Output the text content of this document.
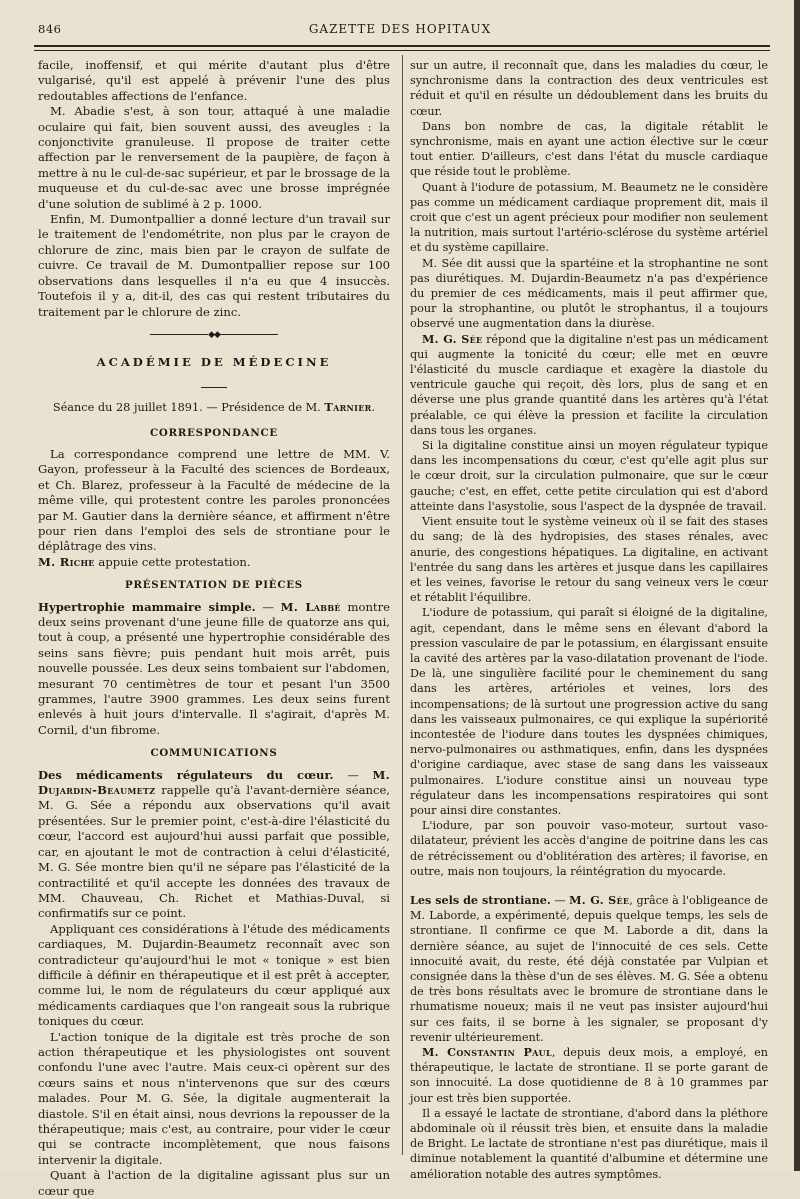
846	GAZETTE DES HOPITAUX

facile, inoffensif, et qui mérite d'autant plus d'être vulgarisé, qu'il est appelé à prévenir l'une des plus redoutables affections de l'enfance.

M. Abadie s'est, à son tour, attaqué à une maladie oculaire qui fait, bien souvent aussi, des aveugles : la conjonctivite granuleuse. Il propose de traiter cette affection par le renversement de la paupière, de façon à mettre à nu le cul-de-sac supérieur, et par le brossage de la muqueuse et du cul-de-sac avec une brosse imprégnée d'une solution de sublimé à 2 p. 1000.

Enfin, M. Dumontpallier a donné lecture d'un travail sur le traitement de l'endométrite, non plus par le crayon de chlorure de zinc, mais bien par le crayon de sulfate de cuivre. Ce travail de M. Dumontpallier repose sur 100 observations dans lesquelles il n'a eu que 4 insuccès. Toutefois il y a, dit-il, des cas qui restent tributaires du traitement par le chlorure de zinc.

◆◆
ACADÉMIE DE MÉDECINE
Séance du 28 juillet 1891. — Présidence de M. Tarnier.
CORRESPONDANCE

La correspondance comprend une lettre de MM. V. Gayon, professeur à la Faculté des sciences de Bordeaux, et Ch. Blarez, professeur à la Faculté de médecine de la même ville, qui protestent contre les paroles prononcées par M. Gautier dans la dernière séance, et affirment n'être pour rien dans l'emploi des sels de strontiane pour le déplâtrage des vins.

M. Riche appuie cette protestation.

PRÉSENTATION DE PIÈCES

Hypertrophie mammaire simple. — M. Labbé montre deux seins provenant d'une jeune fille de quatorze ans qui, tout à coup, a présenté une hypertrophie considérable des seins sans fièvre; puis pendant huit mois arrêt, puis nouvelle poussée. Les deux seins tombaient sur l'abdomen, mesurant 70 centimètres de tour et pesant l'un 3500 grammes, l'autre 3900 grammes. Les deux seins furent enlevés à huit jours d'intervalle. Il s'agirait, d'après M. Cornil, d'un fibrome.

COMMUNICATIONS

Des médicaments régulateurs du cœur. — M. Dujardin-Beaumetz rappelle qu'à l'avant-dernière séance, M. G. Sée a répondu aux observations qu'il avait présentées. Sur le premier point, c'est-à-dire l'élasticité du cœur, l'accord est aujourd'hui aussi parfait que possible, car, en ajoutant le mot de contraction à celui d'élasticité, M. G. Sée montre bien qu'il ne sépare pas l'élasticité de la contractilité et qu'il accepte les données des travaux de MM. Chauveau, Ch. Richet et Mathias-Duval, si confirmatifs sur ce point.

Appliquant ces considérations à l'étude des médicaments cardiaques, M. Dujardin-Beaumetz reconnaît avec son contradicteur qu'aujourd'hui le mot « tonique » est bien difficile à définir en thérapeutique et il est prêt à accepter, comme lui, le nom de régulateurs du cœur appliqué aux médicaments cardiaques que l'on rangeait sous la rubrique toniques du cœur.

L'action tonique de la digitale est très proche de son action thérapeutique et les physiologistes ont souvent confondu l'une avec l'autre. Mais ceux-ci opèrent sur des cœurs sains et nous n'intervenons que sur des cœurs malades. Pour M. G. Sée, la digitale augmenterait la diastole. S'il en était ainsi, nous devrions la repousser de la thérapeutique; mais c'est, au contraire, pour vider le cœur qui se contracte incomplètement, que nous faisons intervenir la digitale.

Quant à l'action de la digitaline agissant plus sur un cœur que

sur un autre, il reconnaît que, dans les maladies du cœur, le synchronisme dans la contraction des deux ventricules est réduit et qu'il en résulte un dédoublement dans les bruits du cœur.

Dans bon nombre de cas, la digitale rétablit le synchronisme, mais en ayant une action élective sur le cœur tout entier. D'ailleurs, c'est dans l'état du muscle cardiaque que réside tout le problème.

Quant à l'iodure de potassium, M. Beaumetz ne le considère pas comme un médicament cardiaque proprement dit, mais il croit que c'est un agent précieux pour modifier non seulement la nutrition, mais surtout l'artério-sclérose du système artériel et du système capillaire.

M. Sée dit aussi que la spartéine et la strophantine ne sont pas diurétiques. M. Dujardin-Beaumetz n'a pas d'expérience du premier de ces médicaments, mais il peut affirmer que, pour la strophantine, ou plutôt le strophantus, il a toujours observé une augmentation dans la diurèse.

M. G. Sée répond que la digitaline n'est pas un médicament qui augmente la tonicité du cœur; elle met en œuvre l'élasticité du muscle cardiaque et exagère la diastole du ventricule gauche qui reçoit, dès lors, plus de sang et en déverse une plus grande quantité dans les artères qu'à l'état préalable, ce qui élève la pression et facilite la circulation dans tous les organes.

Si la digitaline constitue ainsi un moyen régulateur typique dans les incompensations du cœur, c'est qu'elle agit plus sur le cœur droit, sur la circulation pulmonaire, que sur le cœur gauche; c'est, en effet, cette petite circulation qui est d'abord atteinte dans l'asystolie, sous l'aspect de la dyspnée de travail.

Vient ensuite tout le système veineux où il se fait des stases du sang; de là des hydropisies, des stases rénales, avec anurie, des congestions hépatiques. La digitaline, en activant l'entrée du sang dans les artères et jusque dans les capillaires et les veines, favorise le retour du sang veineux vers le cœur et rétablit l'équilibre.

L'iodure de potassium, qui paraît si éloigné de la digitaline, agit, cependant, dans le même sens en élevant d'abord la pression vasculaire de par le potassium, en élargissant ensuite la cavité des artères par la vaso-dilatation provenant de l'iode. De là, une singulière facilité pour le cheminement du sang dans les artères, artérioles et veines, lors des incompensations; de là surtout une progression active du sang dans les vaisseaux pulmonaires, ce qui explique la supériorité incontestée de l'iodure dans toutes les dyspnées chimiques, nervo-pulmonaires ou asthmatiques, enfin, dans les dyspnées d'origine cardiaque, avec stase de sang dans les vaisseaux pulmonaires. L'iodure constitue ainsi un nouveau type régulateur dans les incompensations respiratoires qui sont pour ainsi dire constantes.

L'iodure, par son pouvoir vaso-moteur, surtout vaso-dilatateur, prévient les accès d'angine de poitrine dans les cas de rétrécissement ou d'oblitération des artères; il favorise, en outre, mais non toujours, la réintégration du myocarde.

Les sels de strontiane. — M. G. Sée, grâce à l'obligeance de M. Laborde, a expérimenté, depuis quelque temps, les sels de strontiane. Il confirme ce que M. Laborde a dit, dans la dernière séance, au sujet de l'innocuité de ces sels. Cette innocuité avait, du reste, été déjà constatée par Vulpian et consignée dans la thèse d'un de ses élèves. M. G. Sée a obtenu de très bons résultats avec le bromure de strontiane dans le rhumatisme noueux; mais il ne veut pas insister aujourd'hui sur ces faits, il se borne à les signaler, se proposant d'y revenir ultérieurement.

M. Constantin Paul, depuis deux mois, a employé, en thérapeutique, le lactate de strontiane. Il se porte garant de son innocuité. La dose quotidienne de 8 à 10 grammes par jour est très bien supportée.

Il a essayé le lactate de strontiane, d'abord dans la pléthore abdominale où il réussit très bien, et ensuite dans la maladie de Bright. Le lactate de strontiane n'est pas diurétique, mais il diminue notablement la quantité d'albumine et détermine une amélioration notable des autres symptômes.
